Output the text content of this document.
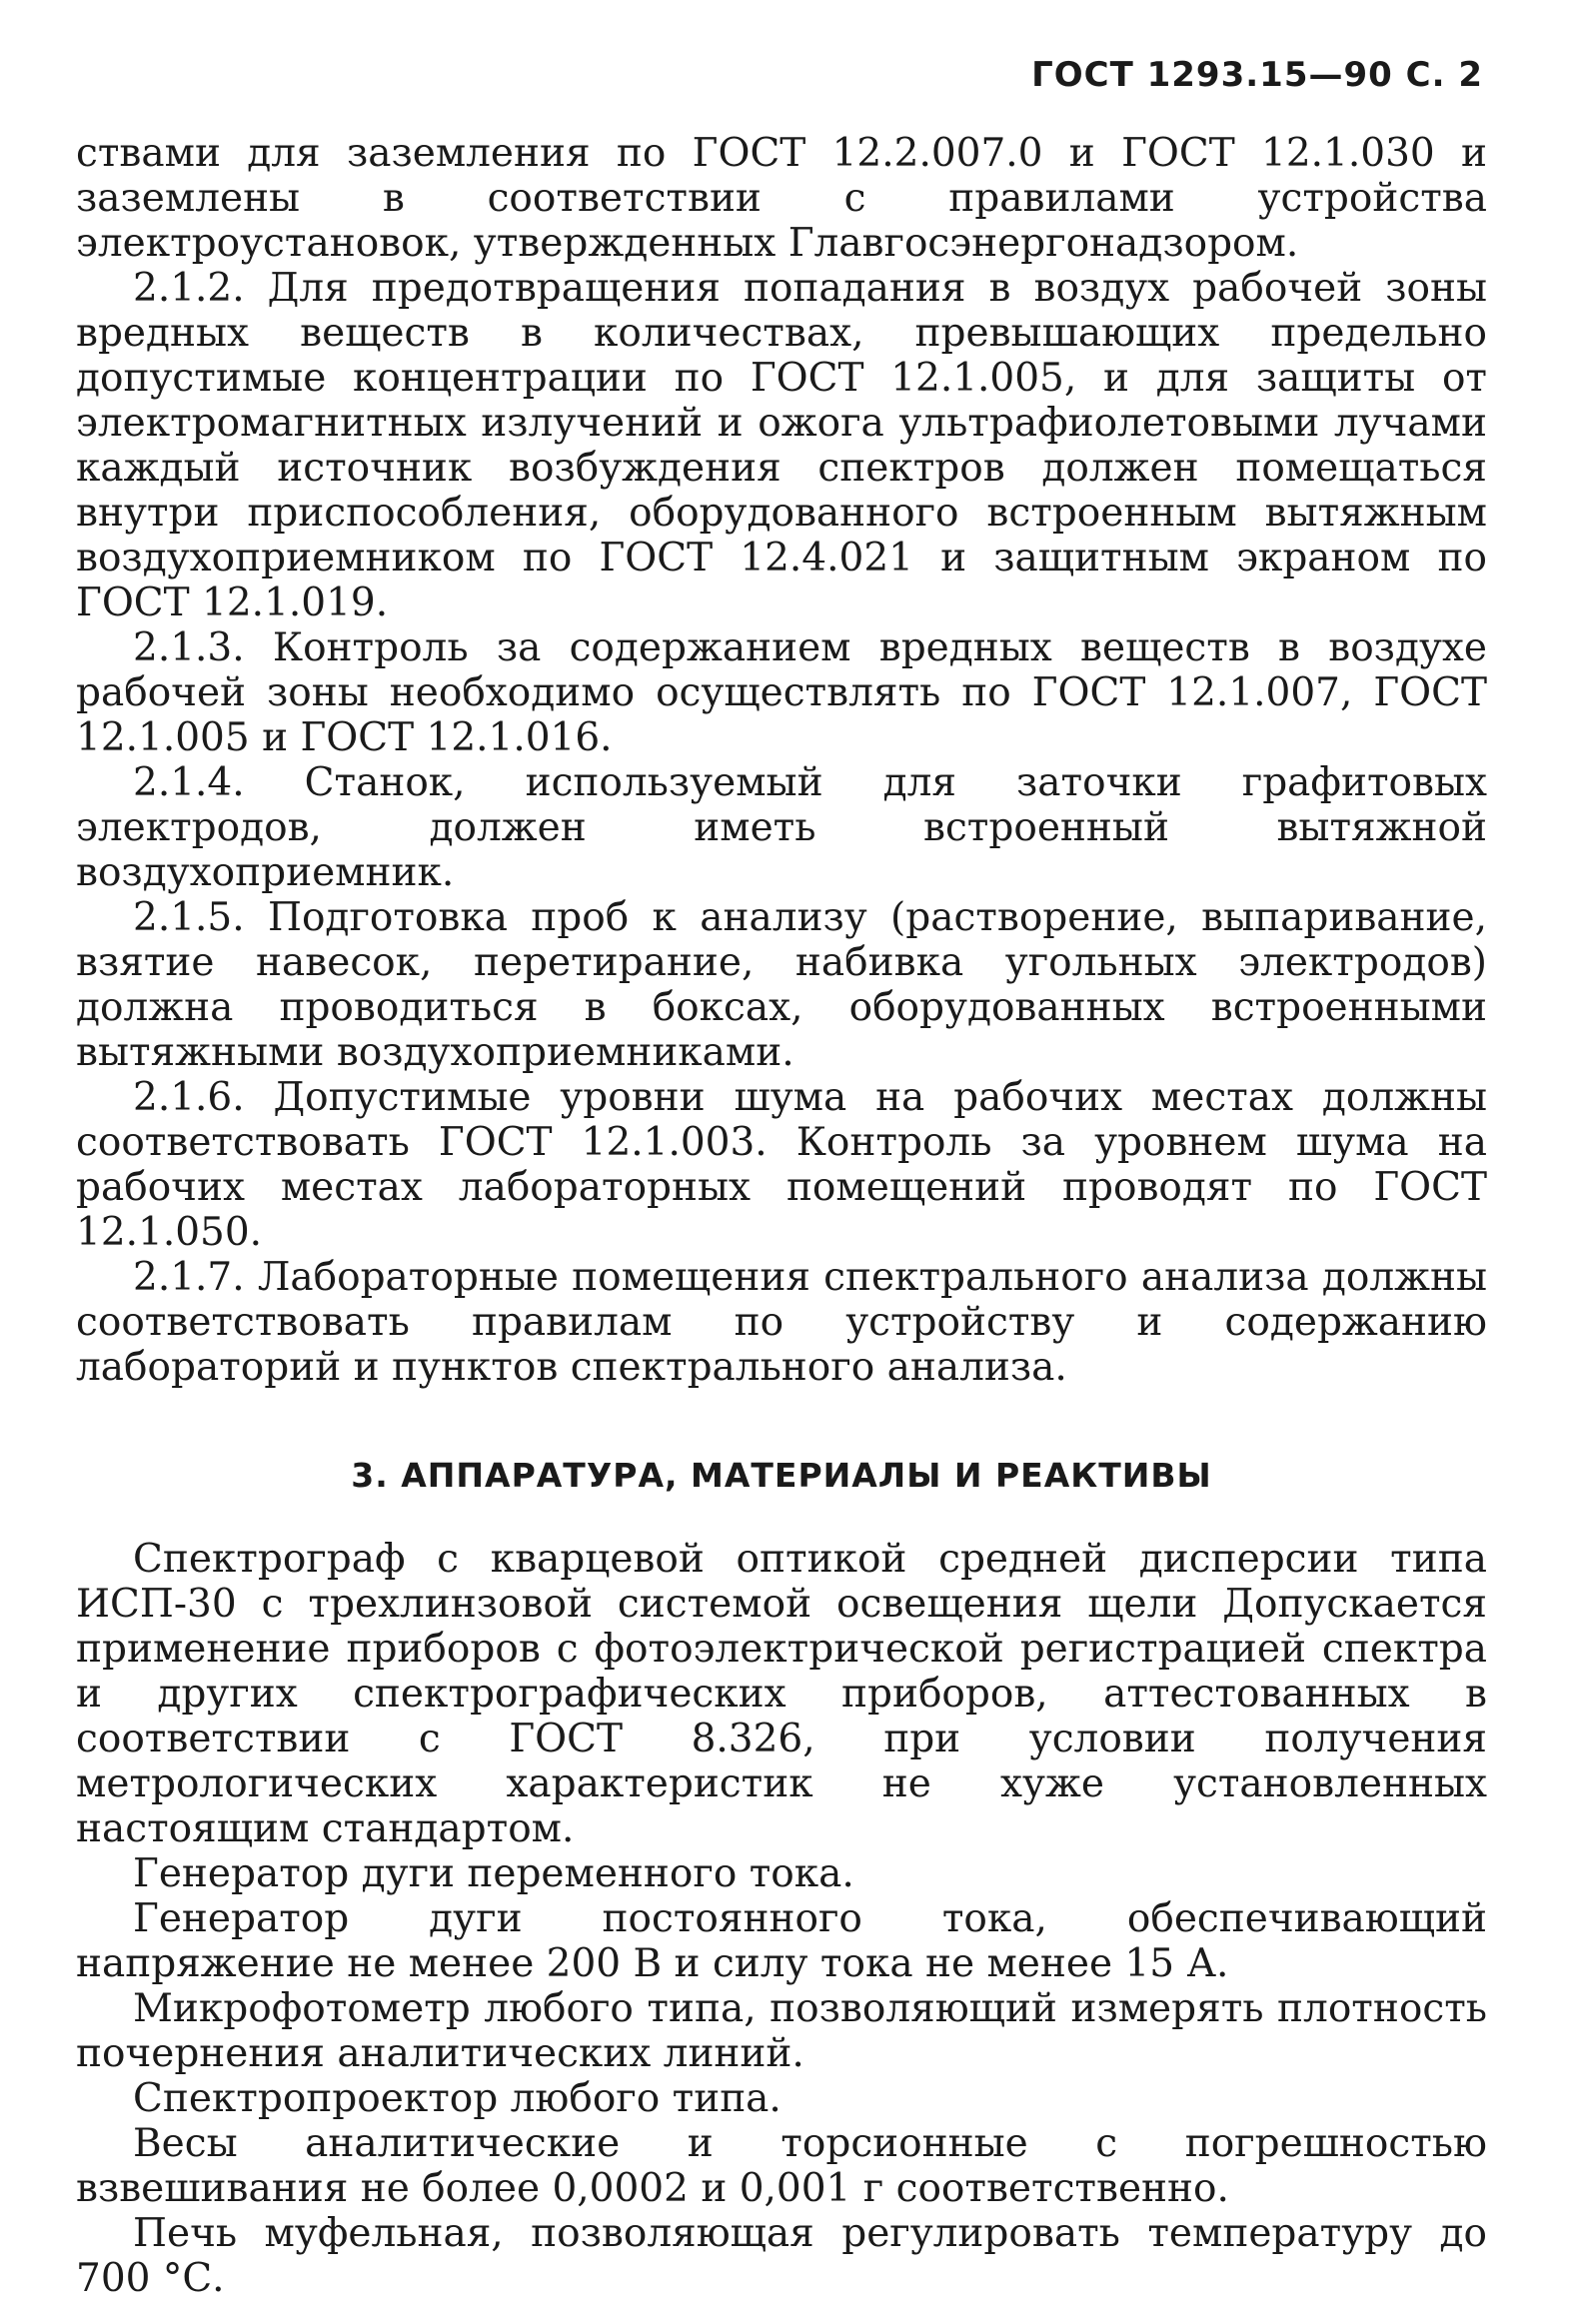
ГОСТ 1293.15—90 С. 2

ствами для заземления по ГОСТ 12.2.007.0 и ГОСТ 12.1.030 и заземлены в соответствии с правилами устройства электроустановок, утвержденных Главгосэнергонадзором.

2.1.2. Для предотвращения попадания в воздух рабочей зоны вредных веществ в количествах, превышающих предельно допустимые концентрации по ГОСТ 12.1.005, и для защиты от электромагнитных излучений и ожога ультрафиолетовыми лучами каждый источник возбуждения спектров должен помещаться внутри приспособления, оборудованного встроенным вытяжным воздухоприемником по ГОСТ 12.4.021 и защитным экраном по ГОСТ 12.1.019.

2.1.3. Контроль за содержанием вредных веществ в воздухе рабочей зоны необходимо осуществлять по ГОСТ 12.1.007, ГОСТ 12.1.005 и ГОСТ 12.1.016.

2.1.4. Станок, используемый для заточки графитовых электродов, должен иметь встроенный вытяжной воздухоприемник.

2.1.5. Подготовка проб к анализу (растворение, выпаривание, взятие навесок, перетирание, набивка угольных электродов) должна проводиться в боксах, оборудованных встроенными вытяжными воздухоприемниками.

2.1.6. Допустимые уровни шума на рабочих местах должны соответствовать ГОСТ 12.1.003. Контроль за уровнем шума на рабочих местах лабораторных помещений проводят по ГОСТ 12.1.050.

2.1.7. Лабораторные помещения спектрального анализа должны соответствовать правилам по устройству и содержанию лабораторий и пунктов спектрального анализа.

3. АППАРАТУРА, МАТЕРИАЛЫ И РЕАКТИВЫ

Спектрограф с кварцевой оптикой средней дисперсии типа ИСП-30 с трехлинзовой системой освещения щели Допускается применение приборов с фотоэлектрической регистрацией спектра и других спектрографических приборов, аттестованных в соответствии с ГОСТ 8.326, при условии получения метрологических характеристик не хуже установленных настоящим стандартом.

Генератор дуги переменного тока.

Генератор дуги постоянного тока, обеспечивающий напряжение не менее 200 В и силу тока не менее 15 А.

Микрофотометр любого типа, позволяющий измерять плотность почернения аналитических линий.

Спектропроектор любого типа.

Весы аналитические и торсионные с погрешностью взвешивания не более 0,0002 и 0,001 г соответственно.

Печь муфельная, позволяющая регулировать температуру до 700 °С.
